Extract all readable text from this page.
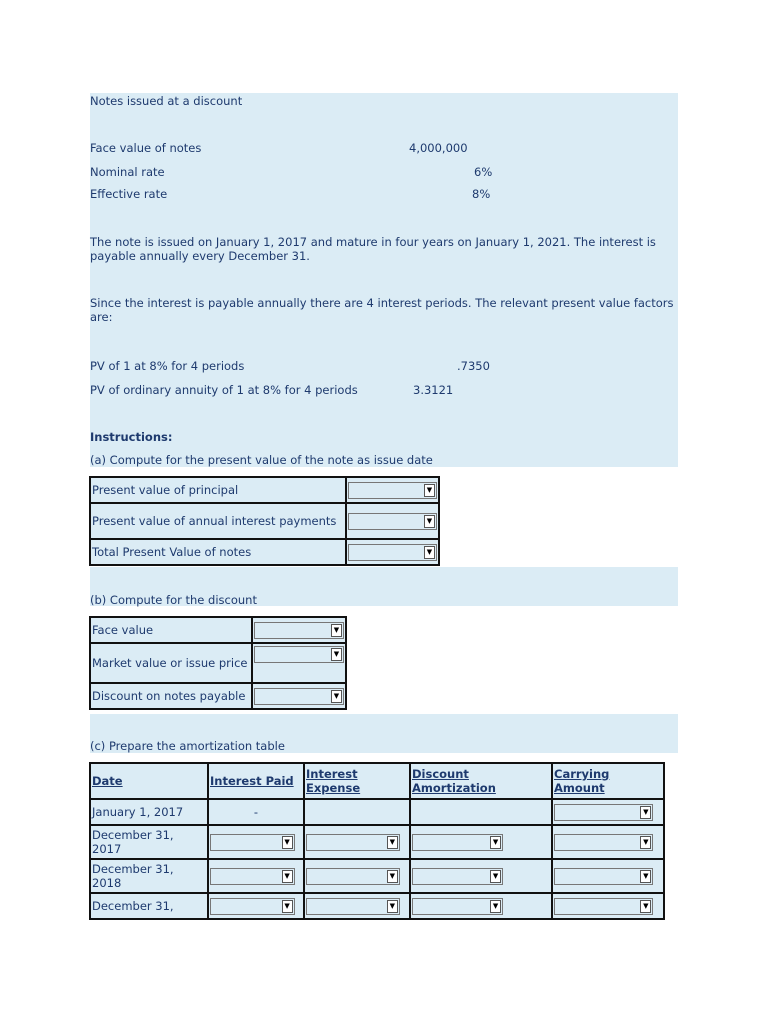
Notes issued at a discount
Face value of notes	4,000,000
Nominal rate	6%
Effective rate	8%
The note is issued on January 1, 2017 and mature in four years on January 1, 2021. The interest is payable annually every December 31.
Since the interest is payable annually there are 4 interest periods. The relevant present value factors are:
PV of 1 at 8% for 4 periods	.7350
PV of ordinary annuity of 1 at 8% for 4 periods	3.3121
Instructions:
(a) Compute for the present value of the note as issue date
Present value of principal	▼

Present value of annual interest payments	▼

Total Present Value of notes	▼
(b) Compute for the discount
Face value	▼

Market value or issue price	▼

Discount on notes payable	▼
(c) Prepare the amortization table
Date	Interest Paid	Interest Expense	Discount Amortization	Carrying Amount
January 1, 2017	-			▼

December 31, 2017	▼	▼	▼	▼

December 31, 2018	▼	▼	▼	▼

December 31,	▼	▼	▼	▼
